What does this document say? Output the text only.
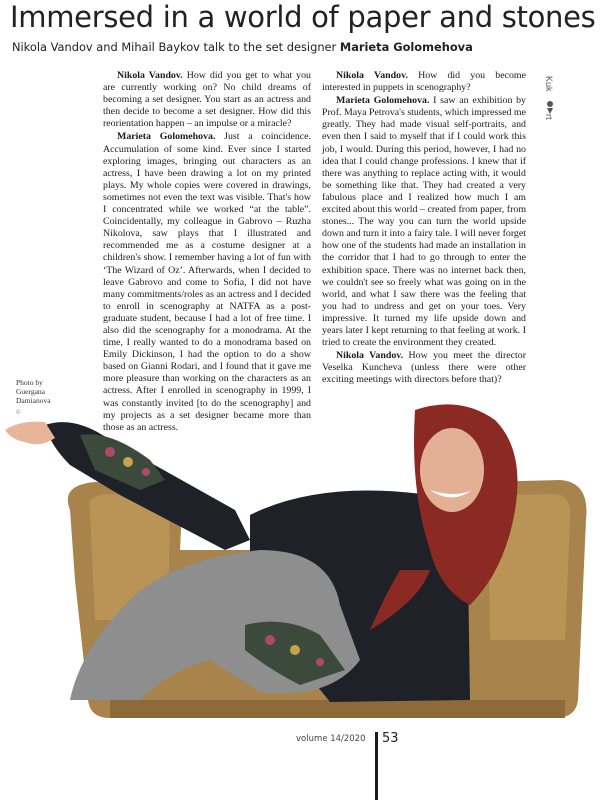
Immersed in a world of paper and stones
Nikola Vandov and Mihail Baykov talk to the set designer Marieta Golomehova

Nikola Vandov. How did you get to what you are currently working on? No child dreams of becoming a set designer. You start as an actress and then decide to become a set designer. How did this reorientation happen – an impulse or a miracle?

Marieta Golomehova. Just a coincidence. Accumulation of some kind. Ever since I started exploring images, bringing out characters as an actress, I have been drawing a lot on my printed plays. My whole copies were covered in drawings, sometimes not even the text was visible. That's how I concentrated while we worked “at the table”. Coincidentally, my colleague in Gabrovo – Ruzha Nikolova, saw plays that I illustrated and recommended me as a costume designer at a children's show. I remember having a lot of fun with ‘The Wizard of Oz’. Afterwards, when I decided to leave Gabrovo and come to Sofia, I did not have many commitments/roles as an actress and I decided to enroll in scenography at NATFA as a post-graduate student, because I had a lot of free time. I also did the scenography for a monodrama. At the time, I really wanted to do a monodrama based on Emily Dickinson, I had the option to do a show based on Gianni Rodari, and I found that it gave me more pleasure than working on the characters as an actress. After I enrolled in scenography in 1999, I was constantly invited [to do the scenography] and my projects as a set designer became more than those as an actress.

Nikola Vandov. How did you become interested in puppets in scenography?

Marieta Golomehova. I saw an exhibition by Prof. Maya Petrova's students, which impressed me greatly. They had made visual self-portraits, and even then I said to myself that if I could work this job, I would. During this period, however, I had no idea that I could change professions. I knew that if there was anything to replace acting with, it would be something like that. They had created a very fabulous place and I realized how much I am excited about this world – created from paper, from stones... The way you can turn the world upside down and turn it into a fairy tale. I will never forget how one of the students had made an installation in the corridor that I had to go through to enter the exhibition space. There was no internet back then, we couldn't see so freely what was going on in the world, and what I saw there was the feeling that you had to undress and get on your toes. Very impressive. It turned my life upside down and years later I kept returning to that feeling at work. I tried to create the environment they created.

Nikola Vandov. How you meet the director Veselka Kuncheva (unless there were other exciting meetings with directors before that)?

Kuk
rt
Photo by
Guergana
Damianova
©
volume 14/2020 53
